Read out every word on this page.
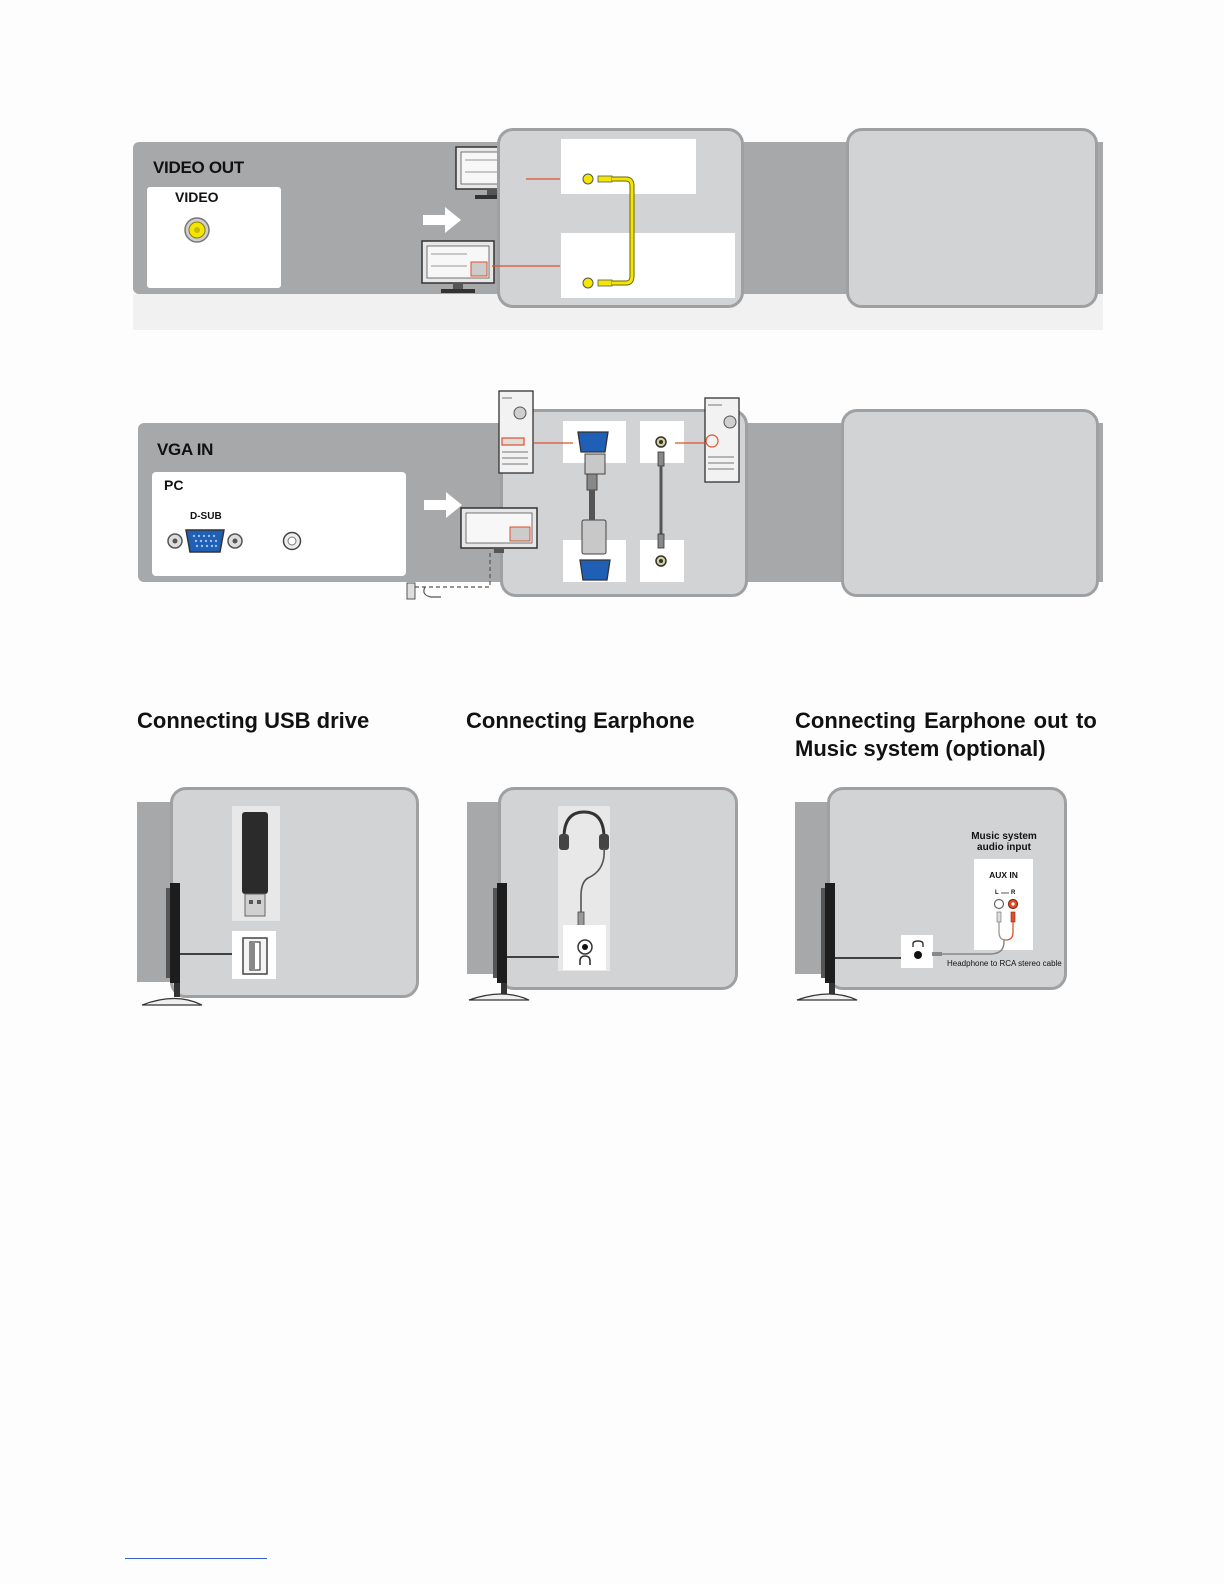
VIDEO OUT
VIDEO
VGA IN
PC
D-SUB
Connecting USB drive	Connecting Earphone	Connecting Earphone out to
Music system (optional)
Music system
audio input
AUX IN
L R
Headphone to RCA stereo cable
